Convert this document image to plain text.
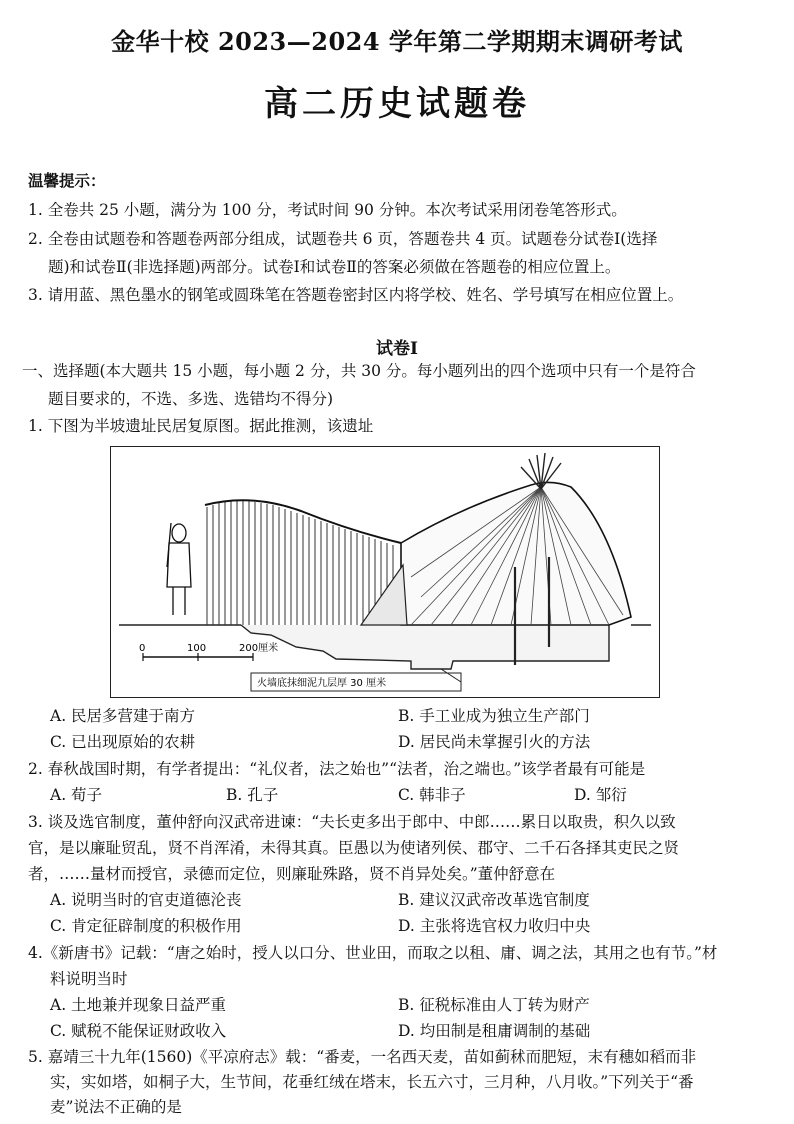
金华十校 2023—2024 学年第二学期期末调研考试
高二历史试题卷
温馨提示：
1. 全卷共 25 小题，满分为 100 分，考试时间 90 分钟。本次考试采用闭卷笔答形式。
2. 全卷由试题卷和答题卷两部分组成，试题卷共 6 页，答题卷共 4 页。试题卷分试卷Ⅰ(选择
题)和试卷Ⅱ(非选择题)两部分。试卷Ⅰ和试卷Ⅱ的答案必须做在答题卷的相应位置上。
3. 请用蓝、黑色墨水的钢笔或圆珠笔在答题卷密封区内将学校、姓名、学号填写在相应位置上。
试卷Ⅰ
一、选择题(本大题共 15 小题，每小题 2 分，共 30 分。每小题列出的四个选项中只有一个是符合
题目要求的，不选、多选、选错均不得分)
1. 下图为半坡遗址民居复原图。据此推测，该遗址
0	100	200厘米
火墙底抹细泥九层厚 30 厘米
A. 民居多营建于南方	B. 手工业成为独立生产部门
C. 已出现原始的农耕	D. 居民尚未掌握引火的方法
2. 春秋战国时期，有学者提出：“礼仪者，法之始也”“法者，治之端也。”该学者最有可能是
A. 荀子	B. 孔子	C. 韩非子	D. 邹衍
3. 谈及选官制度，董仲舒向汉武帝进谏：“夫长吏多出于郎中、中郎……累日以取贵，积久以致
官，是以廉耻贸乱，贤不肖浑淆，未得其真。臣愚以为使诸列侯、郡守、二千石各择其吏民之贤
者，……量材而授官，录德而定位，则廉耻殊路，贤不肖异处矣。”董仲舒意在
A. 说明当时的官吏道德沦丧	B. 建议汉武帝改革选官制度
C. 肯定征辟制度的积极作用	D. 主张将选官权力收归中央
4.《新唐书》记载：“唐之始时，授人以口分、世业田，而取之以租、庸、调之法，其用之也有节。”材
料说明当时
A. 土地兼并现象日益严重	B. 征税标准由人丁转为财产
C. 赋税不能保证财政收入	D. 均田制是租庸调制的基础
5. 嘉靖三十九年(1560)《平凉府志》载：“番麦，一名西天麦，苗如蓟秫而肥短，末有穗如稻而非
实，实如塔，如桐子大，生节间，花垂红绒在塔末，长五六寸，三月种，八月收。”下列关于“番
麦”说法不正确的是
